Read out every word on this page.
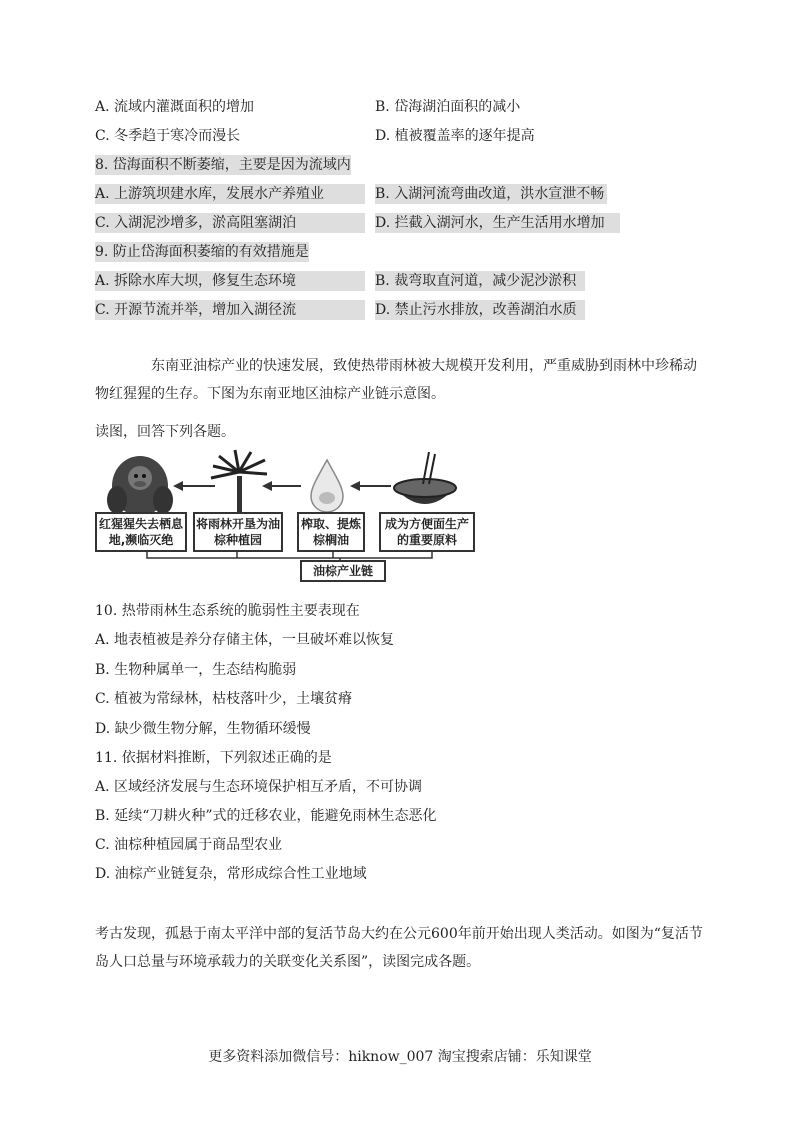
A. 流域内灌溉面积的增加	B. 岱海湖泊面积的减小
C. 冬季趋于寒冷而漫长	D. 植被覆盖率的逐年提高
8. 岱海面积不断萎缩，主要是因为流域内
A. 上游筑坝建水库，发展水产养殖业	B. 入湖河流弯曲改道，洪水宣泄不畅
C. 入湖泥沙增多，淤高阻塞湖泊	D. 拦截入湖河水，生产生活用水增加
9. 防止岱海面积萎缩的有效措施是
A. 拆除水库大坝，修复生态环境	B. 裁弯取直河道，减少泥沙淤积
C. 开源节流并举，增加入湖径流	D. 禁止污水排放，改善湖泊水质
东南亚油棕产业的快速发展，致使热带雨林被大规模开发利用，严重威胁到雨林中珍稀动物红猩猩的生存。下图为东南亚地区油棕产业链示意图。
读图，回答下列各题。
红猩猩失去栖息地,濒临灭绝
将雨林开垦为油棕种植园
榨取、提炼棕榈油
成为方便面生产的重要原料
油棕产业链
10. 热带雨林生态系统的脆弱性主要表现在
A. 地表植被是养分存储主体，一旦破坏难以恢复
B. 生物种属单一，生态结构脆弱
C. 植被为常绿林，枯枝落叶少，土壤贫瘠
D. 缺少微生物分解，生物循环缓慢
11. 依据材料推断，下列叙述正确的是
A. 区域经济发展与生态环境保护相互矛盾，不可协调
B. 延续“刀耕火种”式的迁移农业，能避免雨林生态恶化
C. 油棕种植园属于商品型农业
D. 油棕产业链复杂，常形成综合性工业地域
考古发现，孤悬于南太平洋中部的复活节岛大约在公元600年前开始出现人类活动。如图为“复活节岛人口总量与环境承载力的关联变化关系图”，读图完成各题。
更多资料添加微信号：hiknow_007 淘宝搜索店铺：乐知课堂
